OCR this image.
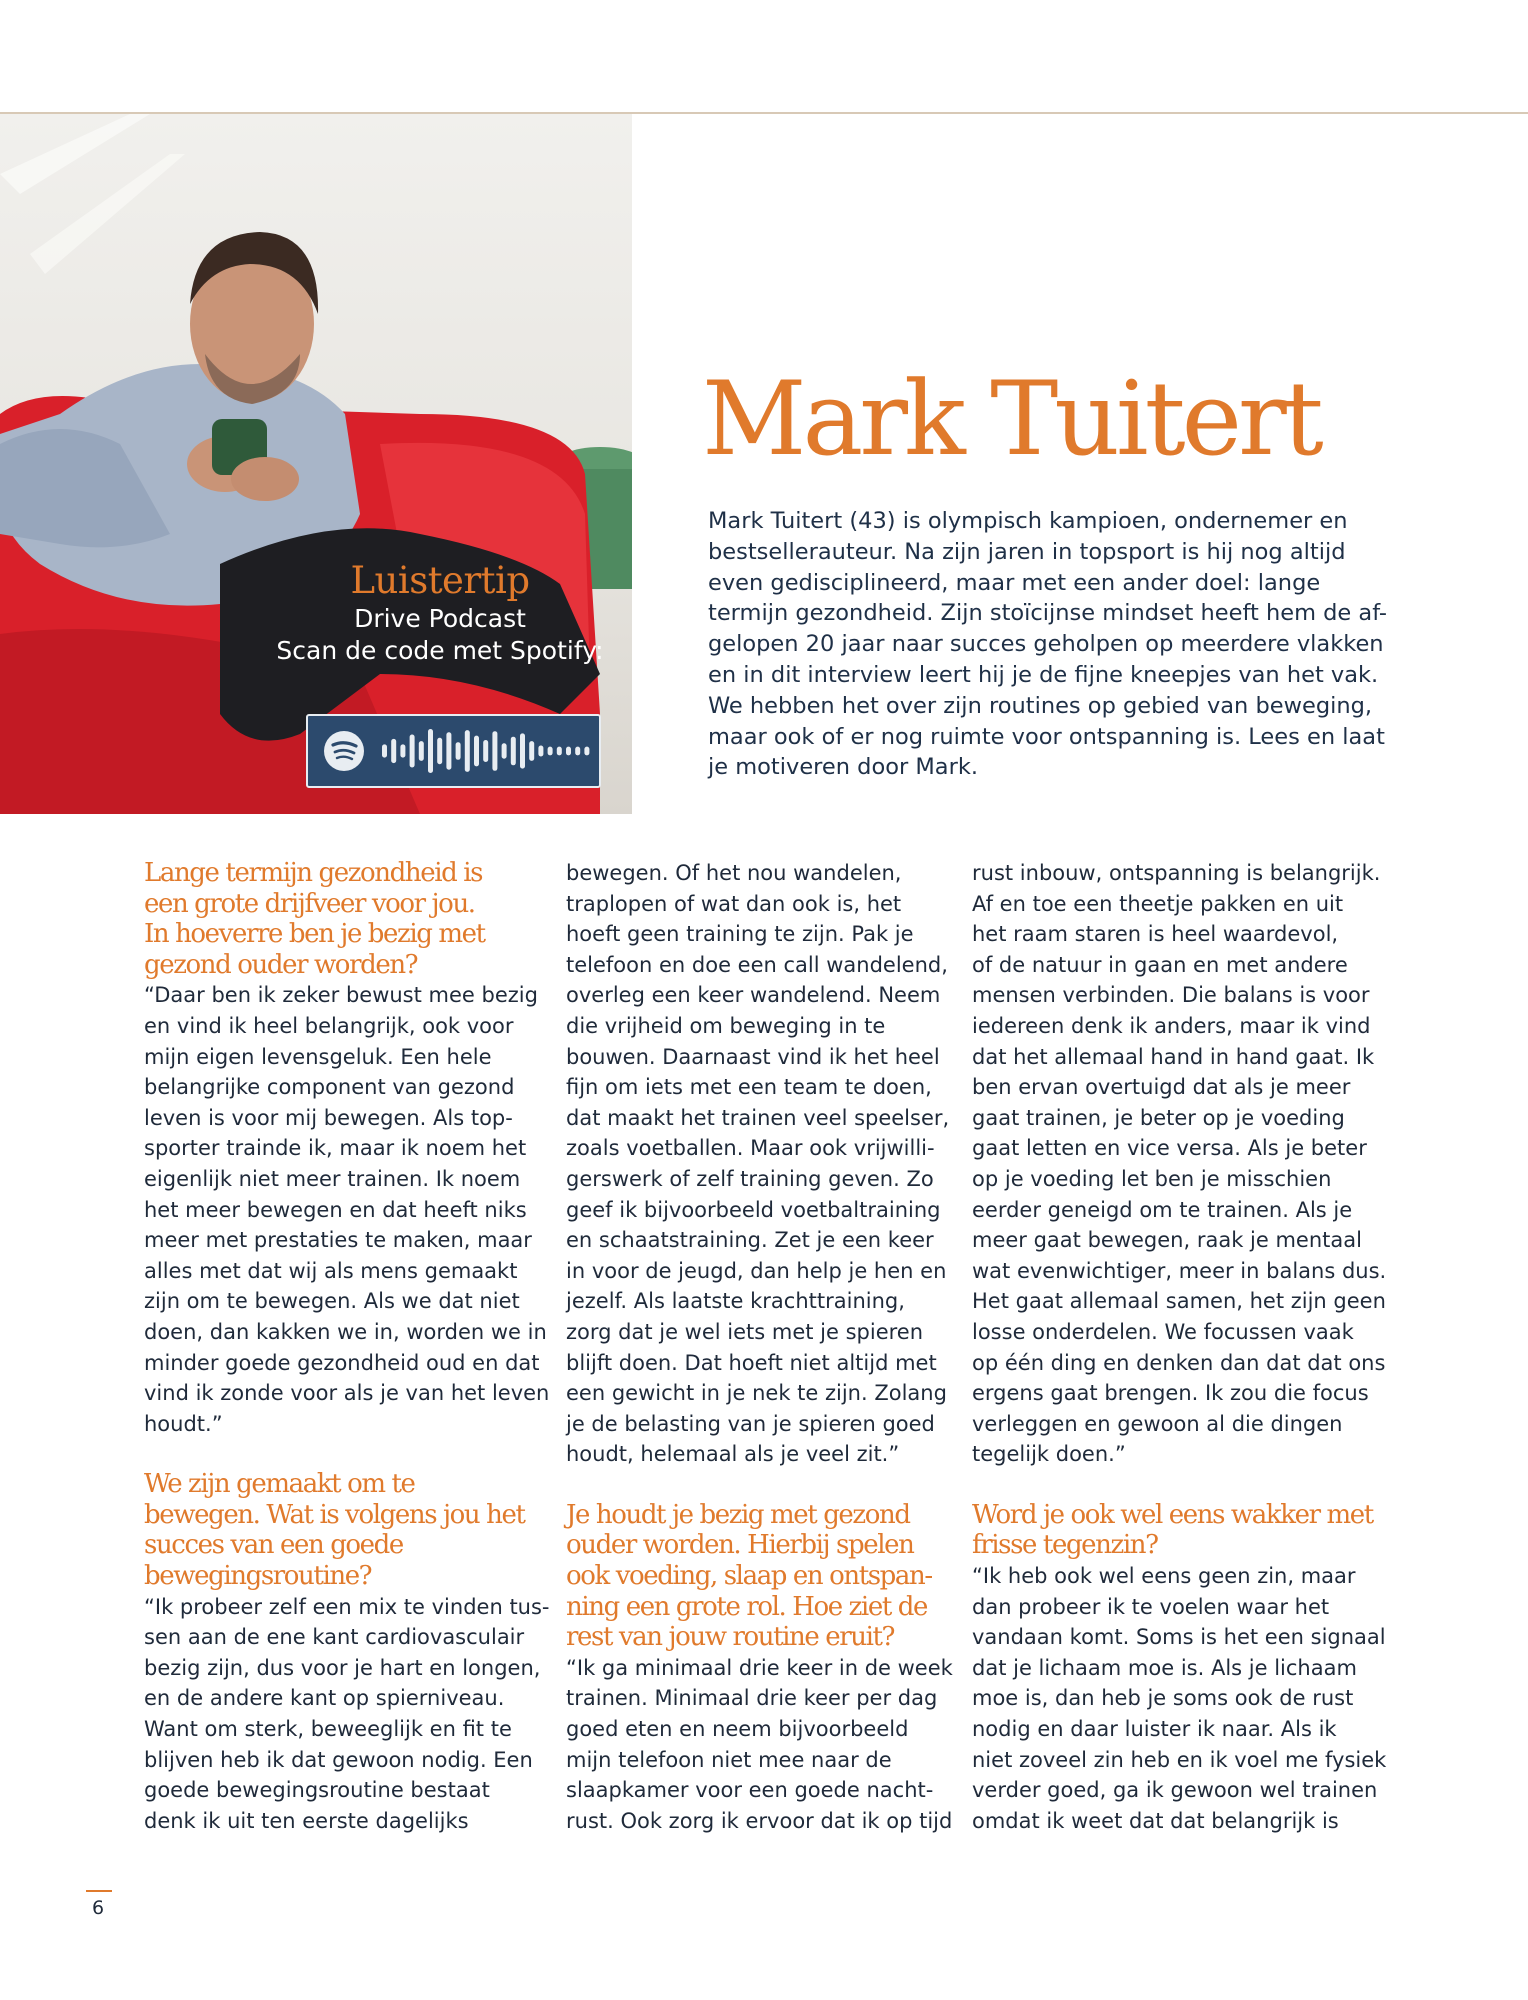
Luistertip
Drive Podcast
Scan de code met Spotify:
Mark Tuitert
Mark Tuitert (43) is olympisch kampioen, ondernemer en
bestsellerauteur. Na zijn jaren in topsport is hij nog altijd
even gedisciplineerd, maar met een ander doel: lange
termijn gezondheid. Zijn stoïcijnse mindset heeft hem de af-
gelopen 20 jaar naar succes geholpen op meerdere vlakken
en in dit interview leert hij je de fijne kneepjes van het vak.
We hebben het over zijn routines op gebied van beweging,
maar ook of er nog ruimte voor ontspanning is. Lees en laat
je motiveren door Mark.
Lange termijn gezondheid is
een grote drijfveer voor jou.
In hoeverre ben je bezig met
gezond ouder worden?
“Daar ben ik zeker bewust mee bezig
en vind ik heel belangrijk, ook voor
mijn eigen levensgeluk. Een hele
belangrijke component van gezond
leven is voor mij bewegen. Als top-
sporter trainde ik, maar ik noem het
eigenlijk niet meer trainen. Ik noem
het meer bewegen en dat heeft niks
meer met prestaties te maken, maar
alles met dat wij als mens gemaakt
zijn om te bewegen. Als we dat niet
doen, dan kakken we in, worden we in
minder goede gezondheid oud en dat
vind ik zonde voor als je van het leven
houdt.”
We zijn gemaakt om te
bewegen. Wat is volgens jou het
succes van een goede
bewegingsroutine?
“Ik probeer zelf een mix te vinden tus-
sen aan de ene kant cardiovasculair
bezig zijn, dus voor je hart en longen,
en de andere kant op spierniveau.
Want om sterk, beweeglijk en fit te
blijven heb ik dat gewoon nodig. Een
goede bewegingsroutine bestaat
denk ik uit ten eerste dagelijks
bewegen. Of het nou wandelen,
traplopen of wat dan ook is, het
hoeft geen training te zijn. Pak je
telefoon en doe een call wandelend,
overleg een keer wandelend. Neem
die vrijheid om beweging in te
bouwen. Daarnaast vind ik het heel
fijn om iets met een team te doen,
dat maakt het trainen veel speelser,
zoals voetballen. Maar ook vrijwilli-
gerswerk of zelf training geven. Zo
geef ik bijvoorbeeld voetbaltraining
en schaatstraining. Zet je een keer
in voor de jeugd, dan help je hen en
jezelf. Als laatste krachttraining,
zorg dat je wel iets met je spieren
blijft doen. Dat hoeft niet altijd met
een gewicht in je nek te zijn. Zolang
je de belasting van je spieren goed
houdt, helemaal als je veel zit.”
Je houdt je bezig met gezond
ouder worden. Hierbij spelen
ook voeding, slaap en ontspan-
ning een grote rol. Hoe ziet de
rest van jouw routine eruit?
“Ik ga minimaal drie keer in de week
trainen. Minimaal drie keer per dag
goed eten en neem bijvoorbeeld
mijn telefoon niet mee naar de
slaapkamer voor een goede nacht-
rust. Ook zorg ik ervoor dat ik op tijd
rust inbouw, ontspanning is belangrijk.
Af en toe een theetje pakken en uit
het raam staren is heel waardevol,
of de natuur in gaan en met andere
mensen verbinden. Die balans is voor
iedereen denk ik anders, maar ik vind
dat het allemaal hand in hand gaat. Ik
ben ervan overtuigd dat als je meer
gaat trainen, je beter op je voeding
gaat letten en vice versa. Als je beter
op je voeding let ben je misschien
eerder geneigd om te trainen. Als je
meer gaat bewegen, raak je mentaal
wat evenwichtiger, meer in balans dus.
Het gaat allemaal samen, het zijn geen
losse onderdelen. We focussen vaak
op één ding en denken dan dat dat ons
ergens gaat brengen. Ik zou die focus
verleggen en gewoon al die dingen
tegelijk doen.”
Word je ook wel eens wakker met
frisse tegenzin?
“Ik heb ook wel eens geen zin, maar
dan probeer ik te voelen waar het
vandaan komt. Soms is het een signaal
dat je lichaam moe is. Als je lichaam
moe is, dan heb je soms ook de rust
nodig en daar luister ik naar. Als ik
niet zoveel zin heb en ik voel me fysiek
verder goed, ga ik gewoon wel trainen
omdat ik weet dat dat belangrijk is
6
